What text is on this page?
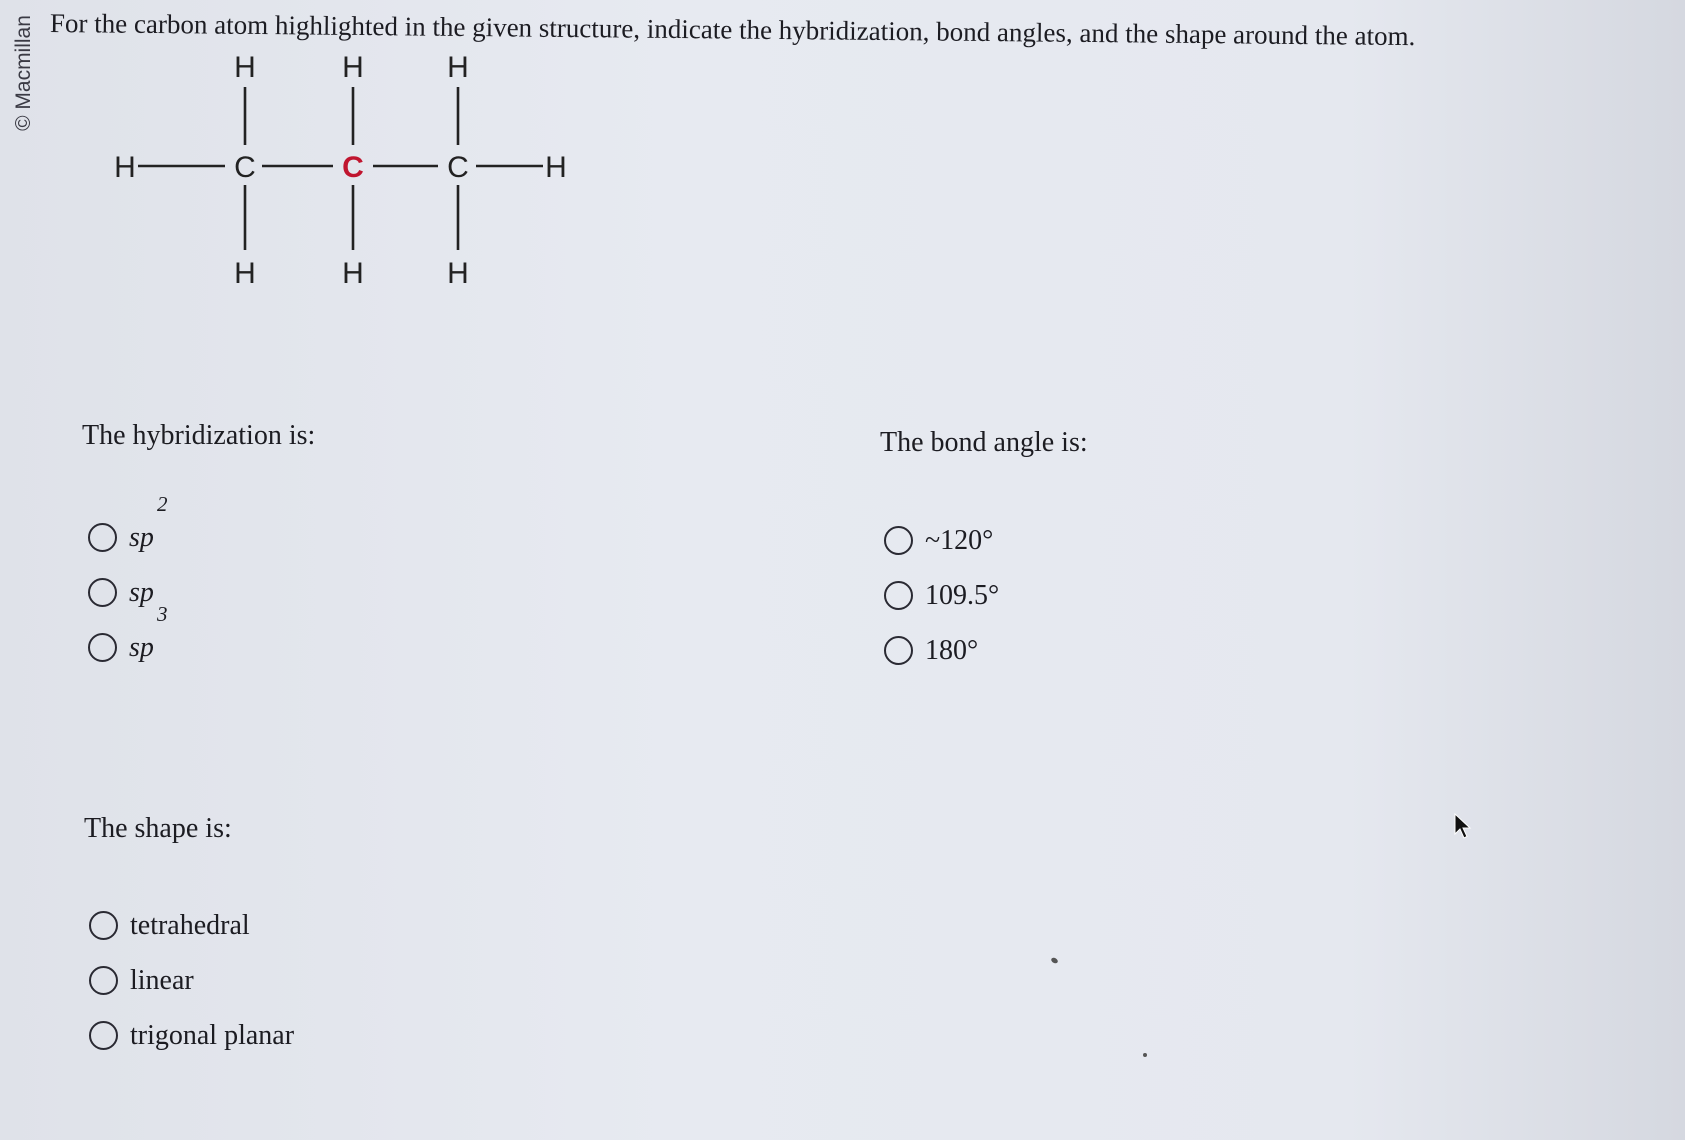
© Macmillan For the carbon atom highlighted in the given structure, indicate the hybridization, bond angles, and the shape around the atom.
H	H	H
H	C	C	C	H
H	H	H
The hybridization is:
sp
2
sp
sp
3
The bond angle is:
~120°
109.5°
180°
The shape is:
tetrahedral
linear
trigonal planar
